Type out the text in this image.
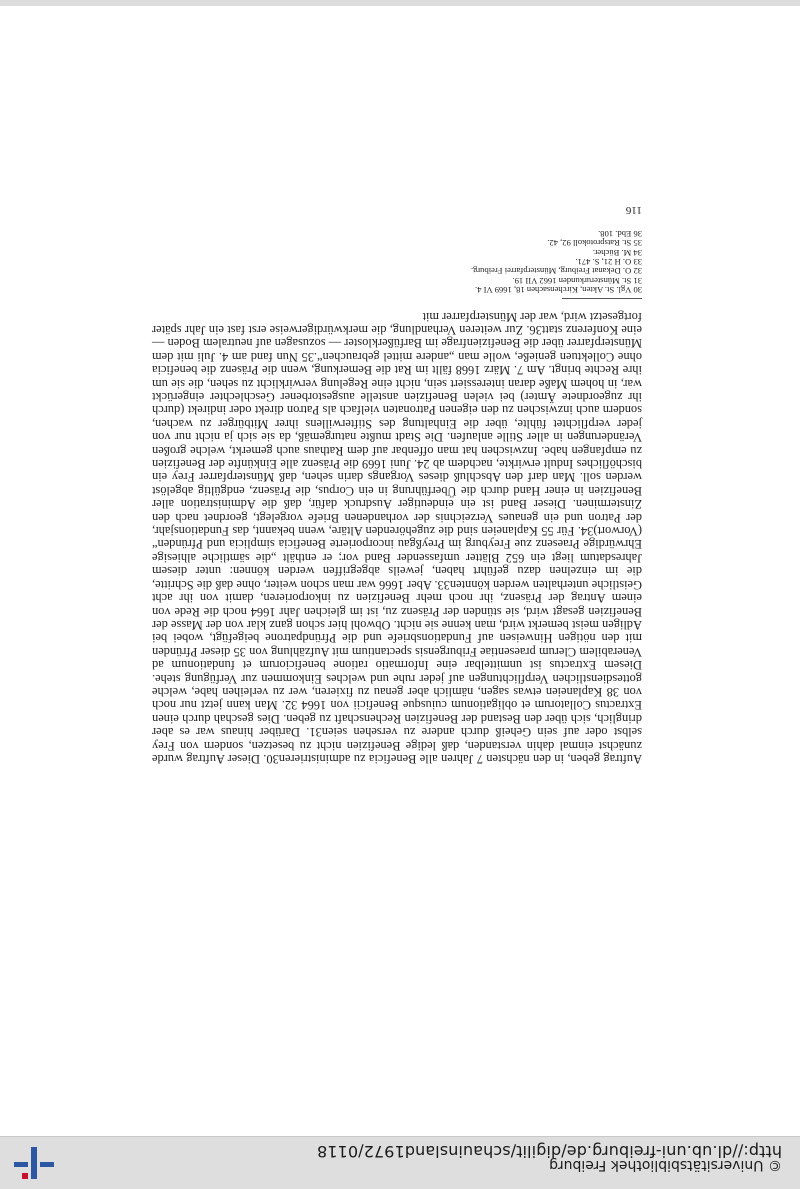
© Universitätsbibliothek Freiburg
http://dl.ub.uni-freiburg.de/digilit/schauinsland1972/0118

Auftrag geben, in den nächsten 7 Jahren alle Beneficia zu administrieren30. Dieser Auftrag wurde zunächst einmal dahin verstanden, daß ledige Benefizien nicht zu besetzen, sondern von Frey selbst oder auf sein Geheiß durch andere zu versehen seien31. Darüber hinaus war es aber dringlich, sich über den Bestand der Benefizien Rechenschaft zu geben. Dies geschah durch einen Extractus Collatorum et obligationum cuiusque Beneficii von 1664 32. Man kann jetzt nur noch von 38 Kaplaneien etwas sagen, nämlich aber genau zu fixieren, wer zu verleihen habe, welche gottesdienstlichen Verpflichtungen auf jeder ruhe und welches Einkommen zur Verfügung stehe. Diesem Extractus ist unmittelbar eine Informatio ratione beneficiorum et fundationum ad Venerabilem Clerum praesentiae Friburgensis spectantium mit Aufzählung von 35 dieser Pfründen mit den nötigen Hinweisen auf Fundationsbriefe und die Pfründpatrone beigefügt, wobei bei Adligen meist bemerkt wird, man kenne sie nicht. Obwohl hier schon ganz klar von der Masse der Benefizien gesagt wird, sie stünden der Präsenz zu, ist im gleichen Jahr 1664 noch die Rede von einem Antrag der Präsenz, ihr noch mehr Benefizien zu inkorporieren, damit von ihr acht Geistliche unterhalten werden könnten33. Aber 1666 war man schon weiter, ohne daß die Schritte, die im einzelnen dazu geführt haben, jeweils abgegriffen werden können: unter diesem Jahresdatum liegt ein 652 Blätter umfassender Band vor; er enthält „die sämtliche alhiesige Ehrwürdige Praesenz zue Freyburg im Preyßgau incorporierte Beneficia simplicia und Pfründen“ (Vorwort)34. Für 55 Kaplaneien sind die zugehörenden Altäre, wenn bekannt, das Fundationsjahr, der Patron und ein genaues Verzeichnis der vorhandenen Briefe vorgelegt, geordnet nach den Zinsterminen. Dieser Band ist ein eindeutiger Ausdruck dafür, daß die Administration aller Benefizien in einer Hand durch die Überführung in ein Corpus, die Präsenz, endgültig abgelöst werden soll. Man darf den Abschluß dieses Vorgangs darin sehen, daß Münsterpfarrer Frey ein bischöfliches Indult erwirkte, nachdem ab 24. Juni 1669 die Präsenz alle Einkünfte der Benefizien zu empfangen habe. Inzwischen hat man offenbar auf dem Rathaus auch gemerkt, welche großen Veränderungen in aller Stille anlaufen. Die Stadt mußte naturgemäß, da sie sich ja nicht nur von jeder verpflichtet fühlte, über die Einhaltung des Stifterwillens ihrer Mitbürger zu wachen, sondern auch inzwischen zu den eigenen Patronaten vielfach als Patron direkt oder indirekt (durch ihr zugeordnete Ämter) bei vielen Benefizien anstelle ausgestorbener Geschlechter eingerückt war, in hohem Maße daran interessiert sein, nicht eine Regelung verwirklicht zu sehen, die sie um ihre Rechte bringt. Am 7. März 1668 fällt im Rat die Bemerkung, wenn die Präsenz die beneficia ohne Collektuen genieße, wolle man „andere mittel gebrauchen“.35 Nun fand am 4. Juli mit dem Münsterpfarrer über die Benefizienfrage im Barfüßerkloster — sozusagen auf neutralem Boden — eine Konferenz statt36. Zur weiteren Verhandlung, die merkwürdigerweise erst fast ein Jahr später fortgesetzt wird, war der Münsterpfarrer mit

30 Vgl. St. Akten, Kirchensachen 18, 1669 VI 4.
31 St. Münsterurkunden 1662 VII 19.
32 O. Dekanat Freiburg, Münsterpfarrei Freiburg.
33 O. H 21, S. 471.
34 M. Bücher.
35 St. Ratsprotokoll 92, 42.
36 Ebd. 108.
116
